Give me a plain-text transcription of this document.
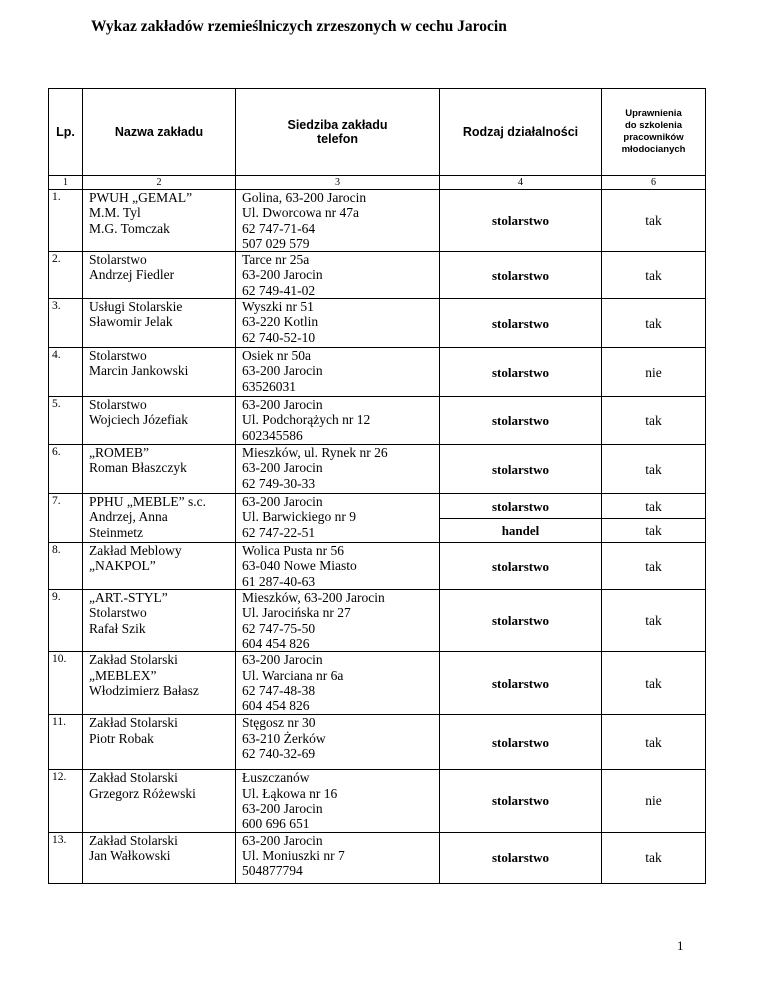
Wykaz zakładów rzemieślniczych zrzeszonych w cechu Jarocin
Lp.	Nazwa zakładu	Siedziba zakładu
telefon	Rodzaj działalności	Uprawnienia
do szkolenia
pracowników
młodocianych

1	2	3	4	6
1.	PWUH „GEMAL”
M.M. Tyl
M.G. Tomczak	Golina, 63-200 Jarocin
Ul. Dworcowa nr 47a
62 747-71-64
507 029 579	stolarstwo	tak
2.	Stolarstwo
Andrzej Fiedler	Tarce nr 25a
63-200 Jarocin
62 749-41-02	stolarstwo	tak
3.	Usługi Stolarskie
Sławomir Jelak	Wyszki nr 51
63-220 Kotlin
62 740-52-10	stolarstwo	tak
4.	Stolarstwo
Marcin Jankowski	Osiek nr 50a
63-200 Jarocin
63526031	stolarstwo	nie
5.	Stolarstwo
Wojciech Józefiak	63-200 Jarocin
Ul. Podchorążych nr 12
602345586	stolarstwo	tak
6.	„ROMEB”
Roman Błaszczyk	Mieszków, ul. Rynek nr 26
63-200 Jarocin
62 749-30-33	stolarstwo	tak
7.	PPHU „MEBLE” s.c.
Andrzej, Anna
Steinmetz	63-200 Jarocin
Ul. Barwickiego nr 9
62 747-22-51	stolarstwo	tak
			handel	tak
8.	Zakład Meblowy
„NAKPOL”	Wolica Pusta nr 56
63-040 Nowe Miasto
61 287-40-63	stolarstwo	tak
9.	„ART.-STYL”
Stolarstwo
Rafał Szik	Mieszków, 63-200 Jarocin
Ul. Jarocińska nr 27
62 747-75-50
604 454 826	stolarstwo	tak
10.	Zakład Stolarski
„MEBLEX”
Włodzimierz Bałasz	63-200 Jarocin
Ul. Warciana nr 6a
62 747-48-38
604 454 826	stolarstwo	tak
11.	Zakład Stolarski
Piotr Robak	Stęgosz nr 30
63-210 Żerków
62 740-32-69	stolarstwo	tak
12.	Zakład Stolarski
Grzegorz Różewski	Łuszczanów
Ul. Łąkowa nr 16
63-200 Jarocin
600 696 651	stolarstwo	nie
13.	Zakład Stolarski
Jan Wałkowski	63-200 Jarocin
Ul. Moniuszki nr 7
504877794	stolarstwo	tak
1
